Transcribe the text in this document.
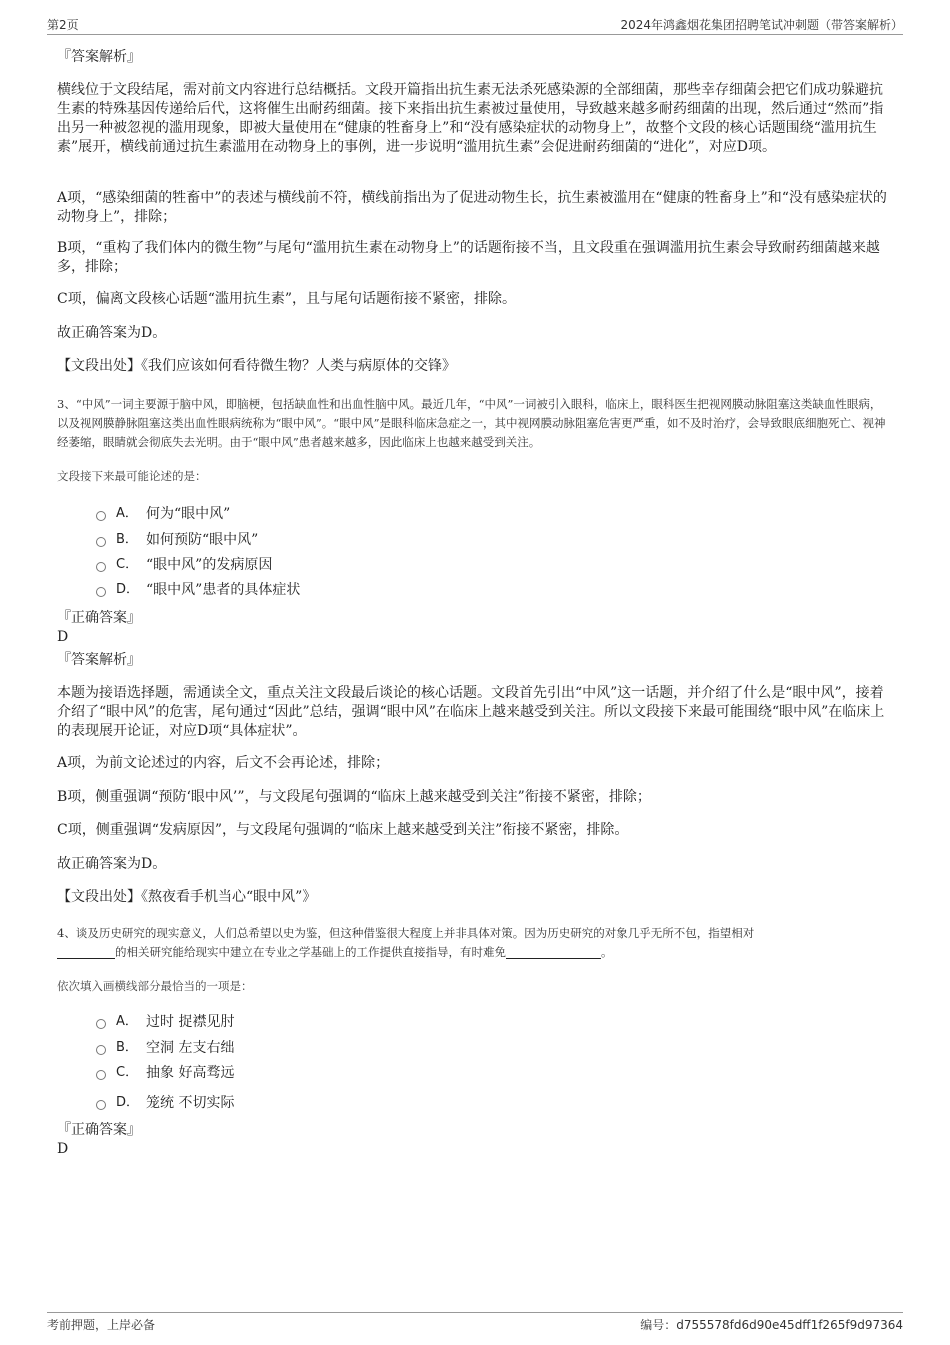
第2页	2024年鸿鑫烟花集团招聘笔试冲刺题（带答案解析）
『答案解析』
横线位于文段结尾，需对前文内容进行总结概括。文段开篇指出抗生素无法杀死感染源的全部细菌，那些幸存细菌会把它们成功躲避抗生素的特殊基因传递给后代，这将催生出耐药细菌。接下来指出抗生素被过量使用，导致越来越多耐药细菌的出现，然后通过“然而”指出另一种被忽视的滥用现象，即被大量使用在“健康的牲畜身上”和“没有感染症状的动物身上”，故整个文段的核心话题围绕“滥用抗生素”展开，横线前通过抗生素滥用在动物身上的事例，进一步说明“滥用抗生素”会促进耐药细菌的“进化”，对应D项。
A项，“感染细菌的牲畜中”的表述与横线前不符，横线前指出为了促进动物生长，抗生素被滥用在“健康的牲畜身上”和“没有感染症状的动物身上”，排除；
B项，“重构了我们体内的微生物”与尾句“滥用抗生素在动物身上”的话题衔接不当，且文段重在强调滥用抗生素会导致耐药细菌越来越多，排除；
C项，偏离文段核心话题“滥用抗生素”，且与尾句话题衔接不紧密，排除。
故正确答案为D。
【文段出处】《我们应该如何看待微生物？人类与病原体的交锋》
3、“中风”一词主要源于脑中风，即脑梗，包括缺血性和出血性脑中风。最近几年，“中风”一词被引入眼科，临床上，眼科医生把视网膜动脉阻塞这类缺血性眼病，以及视网膜静脉阻塞这类出血性眼病统称为“眼中风”。“眼中风”是眼科临床急症之一，其中视网膜动脉阻塞危害更严重，如不及时治疗，会导致眼底细胞死亡、视神经萎缩，眼睛就会彻底失去光明。由于“眼中风”患者越来越多，因此临床上也越来越受到关注。
文段接下来最可能论述的是：
A． 何为“眼中风”
B． 如何预防“眼中风”
C． “眼中风”的发病原因
D． “眼中风”患者的具体症状
『正确答案』
D
『答案解析』
本题为接语选择题，需通读全文，重点关注文段最后谈论的核心话题。文段首先引出“中风”这一话题，并介绍了什么是“眼中风”，接着介绍了“眼中风”的危害，尾句通过“因此”总结，强调“眼中风”在临床上越来越受到关注。所以文段接下来最可能围绕“眼中风”在临床上的表现展开论证，对应D项“具体症状”。
A项，为前文论述过的内容，后文不会再论述，排除；
B项，侧重强调“预防‘眼中风’”，与文段尾句强调的“临床上越来越受到关注”衔接不紧密，排除；
C项，侧重强调“发病原因”，与文段尾句强调的“临床上越来越受到关注”衔接不紧密，排除。
故正确答案为D。
【文段出处】《熬夜看手机当心“眼中风”》
4、谈及历史研究的现实意义，人们总希望以史为鉴，但这种借鉴很大程度上并非具体对策。因为历史研究的对象几乎无所不包，指望相对
的相关研究能给现实中建立在专业之学基础上的工作提供直接指导，有时难免	。
依次填入画横线部分最恰当的一项是：
A． 过时 捉襟见肘
B． 空洞 左支右绌
C． 抽象 好高骛远
D． 笼统 不切实际
『正确答案』
D
考前押题，上岸必备	编号：d755578fd6d90e45dff1f265f9d97364
